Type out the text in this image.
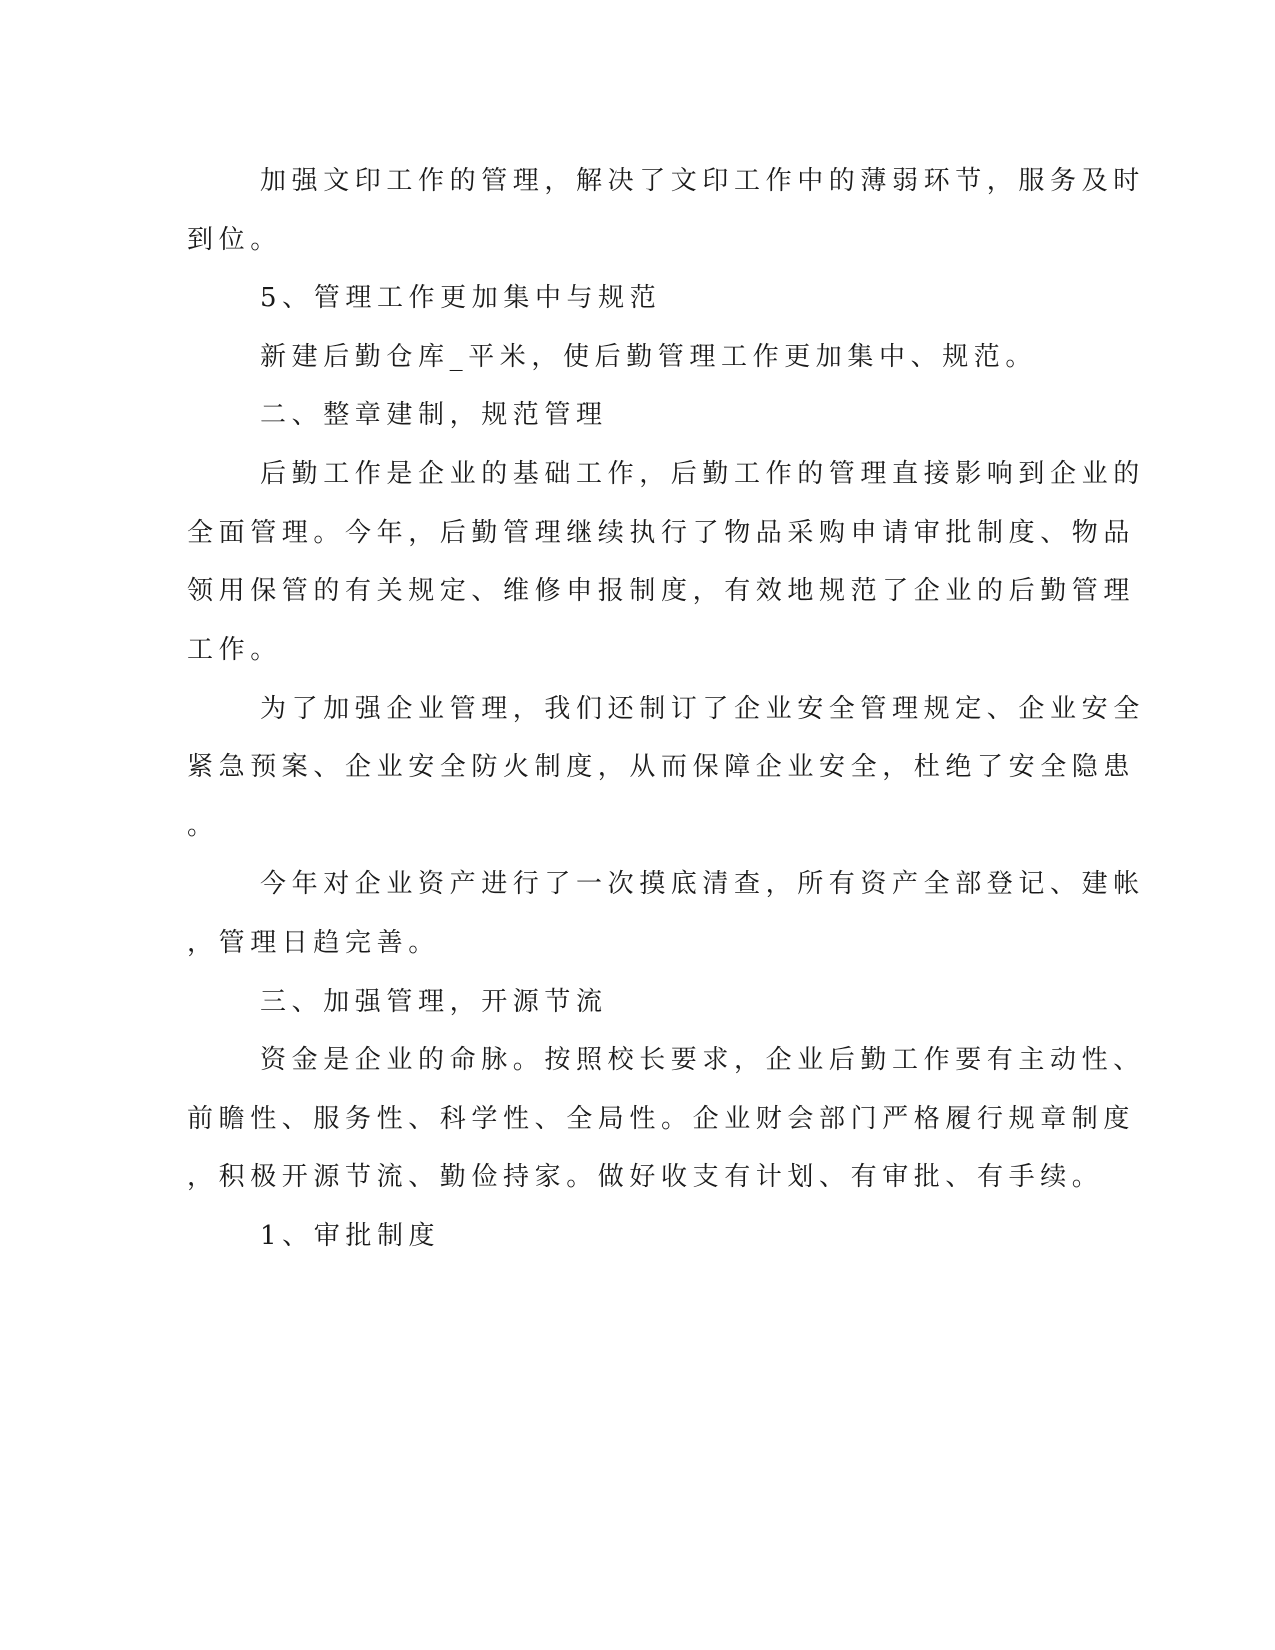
加强文印工作的管理，解决了文印工作中的薄弱环节，服务及时

到位。

5、管理工作更加集中与规范

新建后勤仓库_平米，使后勤管理工作更加集中、规范。

二、整章建制，规范管理

后勤工作是企业的基础工作，后勤工作的管理直接影响到企业的

全面管理。今年，后勤管理继续执行了物品采购申请审批制度、物品

领用保管的有关规定、维修申报制度，有效地规范了企业的后勤管理

工作。

为了加强企业管理，我们还制订了企业安全管理规定、企业安全

紧急预案、企业安全防火制度，从而保障企业安全，杜绝了安全隐患

。

今年对企业资产进行了一次摸底清查，所有资产全部登记、建帐

，管理日趋完善。

三、加强管理，开源节流

资金是企业的命脉。按照校长要求，企业后勤工作要有主动性、

前瞻性、服务性、科学性、全局性。企业财会部门严格履行规章制度

，积极开源节流、勤俭持家。做好收支有计划、有审批、有手续。

1、审批制度
